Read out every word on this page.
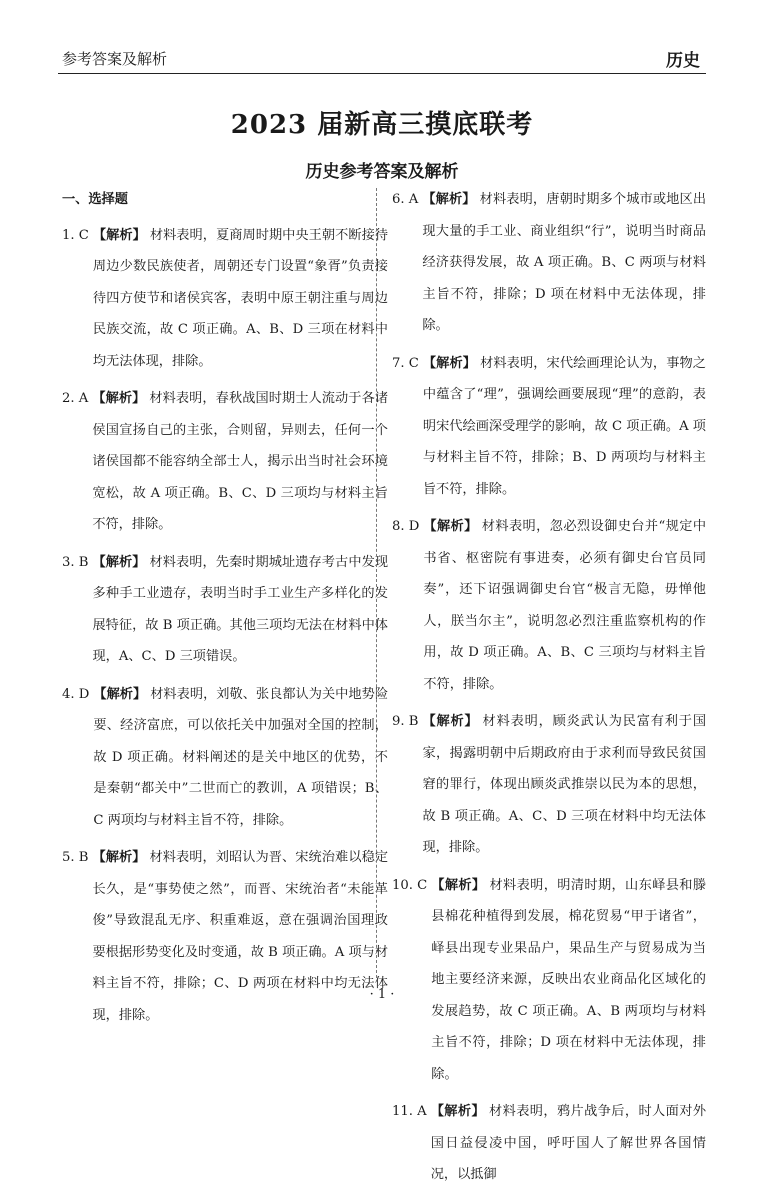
参考答案及解析	历史
2023 届新高三摸底联考
历史参考答案及解析
一、选择题
1. C 【解析】 材料表明，夏商周时期中央王朝不断接待周边少数民族使者，周朝还专门设置“象胥”负责接待四方使节和诸侯宾客，表明中原王朝注重与周边民族交流，故 C 项正确。A、B、D 三项在材料中均无法体现，排除。
2. A 【解析】 材料表明，春秋战国时期士人流动于各诸侯国宣扬自己的主张，合则留，异则去，任何一个诸侯国都不能容纳全部士人，揭示出当时社会环境宽松，故 A 项正确。B、C、D 三项均与材料主旨不符，排除。
3. B 【解析】 材料表明，先秦时期城址遗存考古中发现多种手工业遗存，表明当时手工业生产多样化的发展特征，故 B 项正确。其他三项均无法在材料中体现，A、C、D 三项错误。
4. D 【解析】 材料表明，刘敬、张良都认为关中地势险要、经济富庶，可以依托关中加强对全国的控制，故 D 项正确。材料阐述的是关中地区的优势，不是秦朝“都关中”二世而亡的教训，A 项错误；B、C 两项均与材料主旨不符，排除。
5. B 【解析】 材料表明，刘昭认为晋、宋统治难以稳定长久，是“事势使之然”，而晋、宋统治者“未能革俊”导致混乱无序、积重难返，意在强调治国理政要根据形势变化及时变通，故 B 项正确。A 项与材料主旨不符，排除；C、D 两项在材料中均无法体现，排除。
6. A 【解析】 材料表明，唐朝时期多个城市或地区出现大量的手工业、商业组织“行”，说明当时商品经济获得发展，故 A 项正确。B、C 两项与材料主旨不符，排除；D 项在材料中无法体现，排除。
7. C 【解析】 材料表明，宋代绘画理论认为，事物之中蕴含了“理”，强调绘画要展现“理”的意韵，表明宋代绘画深受理学的影响，故 C 项正确。A 项与材料主旨不符，排除；B、D 两项均与材料主旨不符，排除。
8. D 【解析】 材料表明，忽必烈设御史台并“规定中书省、枢密院有事进奏，必须有御史台官员同奏”，还下诏强调御史台官“极言无隐，毋惮他人，朕当尔主”，说明忽必烈注重监察机构的作用，故 D 项正确。A、B、C 三项均与材料主旨不符，排除。
9. B 【解析】 材料表明，顾炎武认为民富有利于国家，揭露明朝中后期政府由于求利而导致民贫国窘的罪行，体现出顾炎武推崇以民为本的思想，故 B 项正确。A、C、D 三项在材料中均无法体现，排除。
10. C 【解析】 材料表明，明清时期，山东峄县和滕县棉花种植得到发展，棉花贸易“甲于诸省”，峄县出现专业果品户，果品生产与贸易成为当地主要经济来源，反映出农业商品化区域化的发展趋势，故 C 项正确。A、B 两项均与材料主旨不符，排除；D 项在材料中无法体现，排除。
11. A 【解析】 材料表明，鸦片战争后，时人面对外国日益侵凌中国，呼吁国人了解世界各国情况，以抵御
· 1 ·
